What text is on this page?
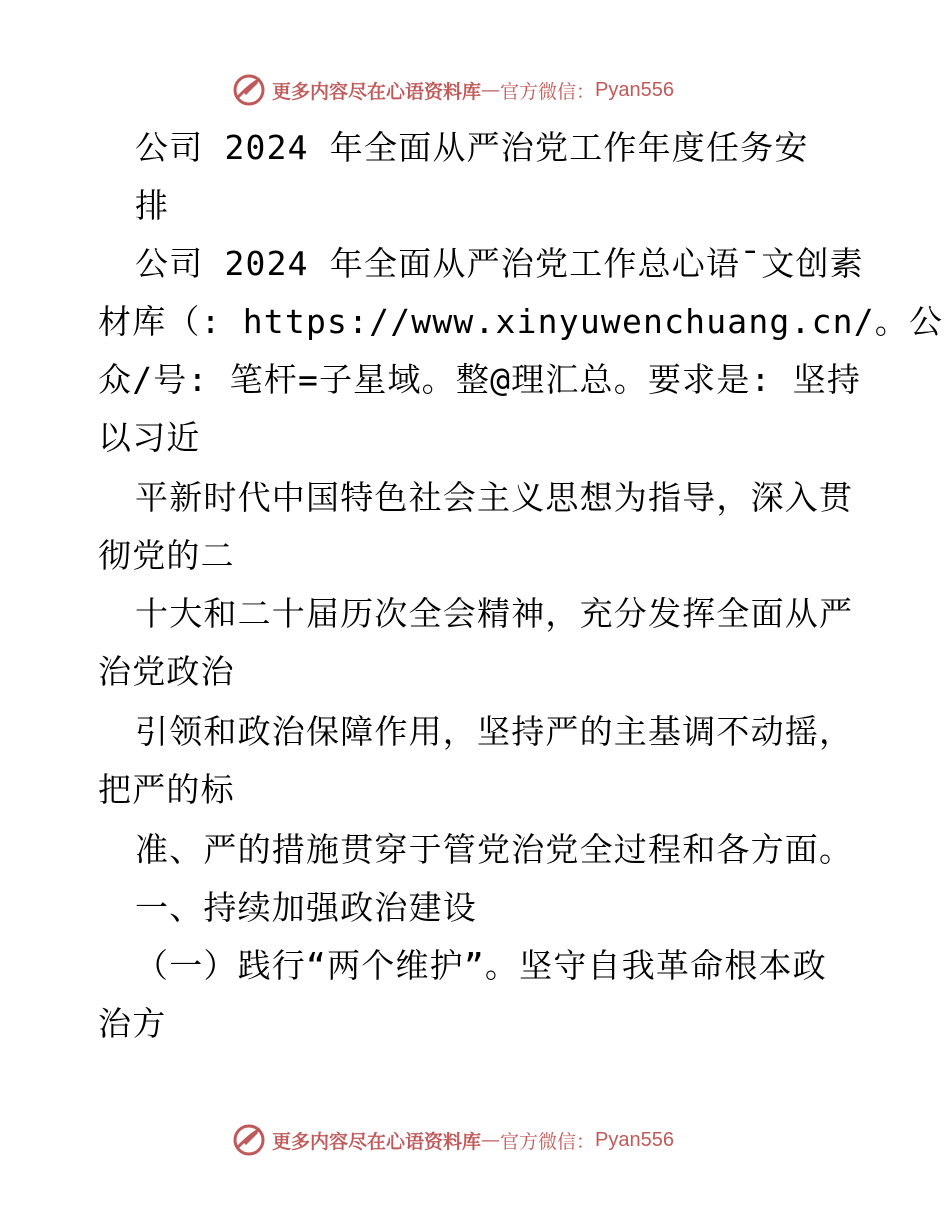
更多内容尽在心语资料库 — 官方微信： Pyan556
公司 2024 年全面从严治党工作年度任务安
排
公司 2024 年全面从严治党工作总心语¯文创素
材库（: https://www.xinyuwenchuang.cn/。公
众/号: 笔杆=子星域。整@理汇总。要求是: 坚持
以习近
平新时代中国特色社会主义思想为指导，深入贯
彻党的二
十大和二十届历次全会精神，充分发挥全面从严
治党政治
引领和政治保障作用，坚持严的主基调不动摇，
把严的标
准、严的措施贯穿于管党治党全过程和各方面。
一、持续加强政治建设
（一）践行“两个维护”。坚守自我革命根本政
治方
更多内容尽在心语资料库 — 官方微信： Pyan556
